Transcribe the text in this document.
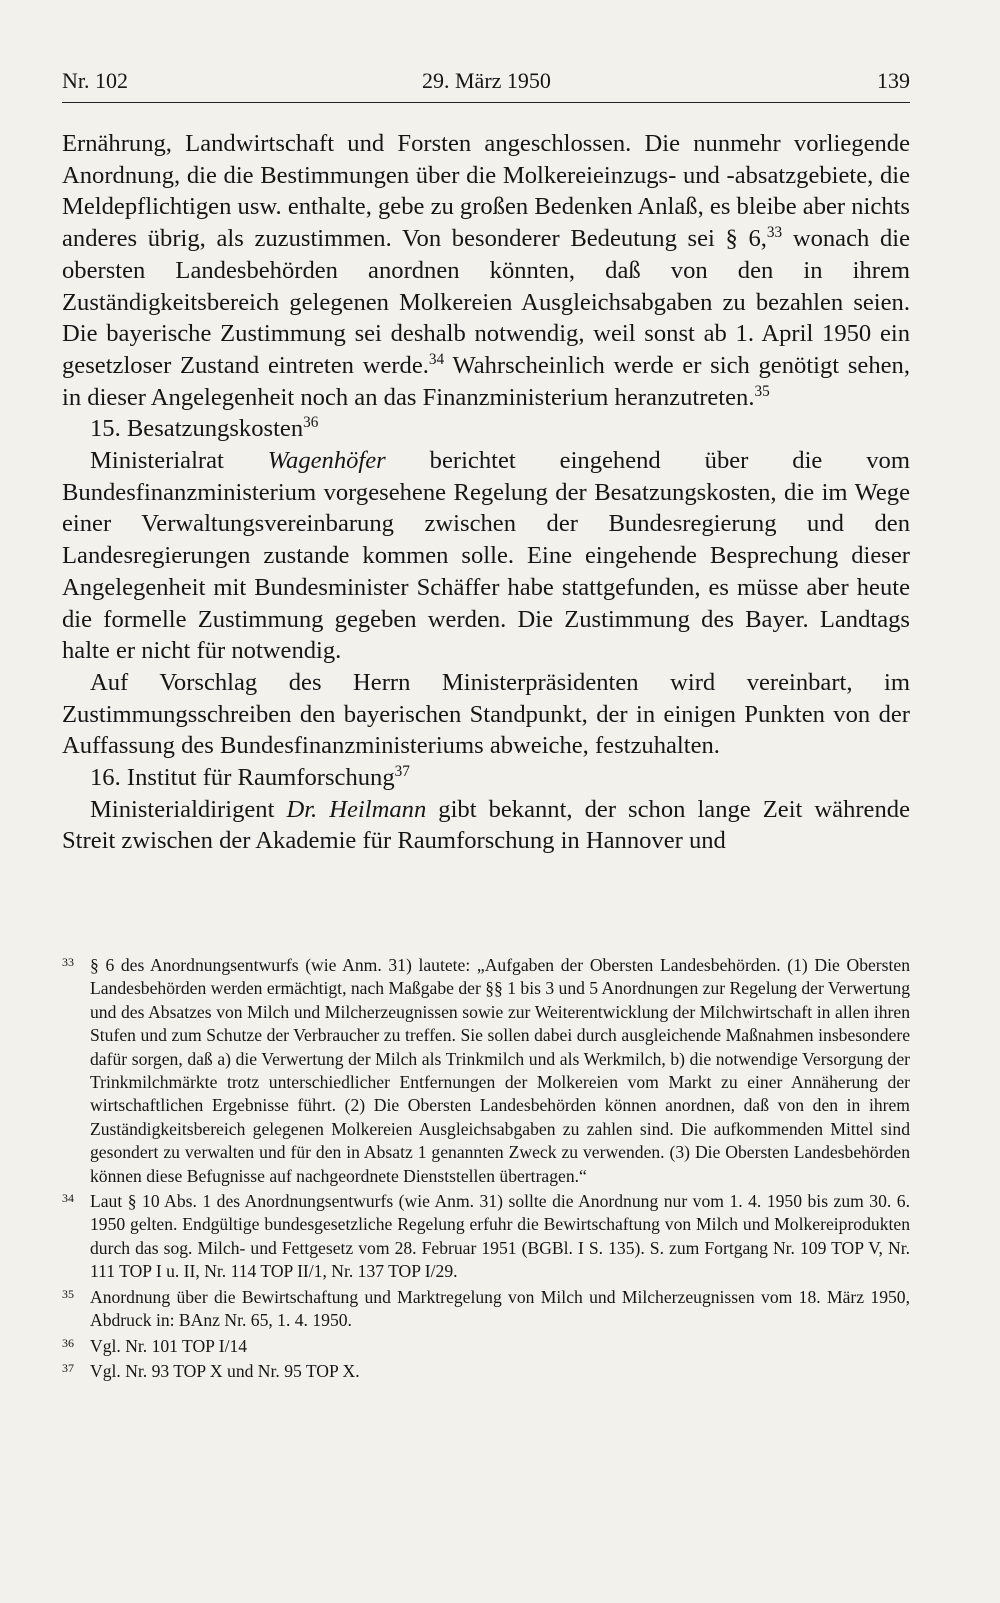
Nr. 102	29. März 1950	139

Ernährung, Landwirtschaft und Forsten angeschlossen. Die nunmehr vorliegende Anordnung, die die Bestimmungen über die Molkereieinzugs- und -absatzgebiete, die Meldepflichtigen usw. enthalte, gebe zu großen Bedenken Anlaß, es bleibe aber nichts anderes übrig, als zuzustimmen. Von besonderer Bedeutung sei § 6,33 wonach die obersten Landesbehörden anordnen könnten, daß von den in ihrem Zuständigkeitsbereich gelegenen Molkereien Ausgleichsabgaben zu bezahlen seien. Die bayerische Zustimmung sei deshalb notwendig, weil sonst ab 1. April 1950 ein gesetzloser Zustand eintreten werde.$^{34}$ Wahrscheinlich werde er sich genötigt sehen, in dieser Angelegenheit noch an das Finanzministerium heranzutreten.$^{35}$

15. Besatzungskosten$^{36}$

Ministerialrat Wagenhöfer berichtet eingehend über die vom Bundesfinanzministerium vorgesehene Regelung der Besatzungskosten, die im Wege einer Verwaltungsvereinbarung zwischen der Bundesregierung und den Landesregierungen zustande kommen solle. Eine eingehende Besprechung dieser Angelegenheit mit Bundesminister Schäffer habe stattgefunden, es müsse aber heute die formelle Zustimmung gegeben werden. Die Zustimmung des Bayer. Landtags halte er nicht für notwendig.

Auf Vorschlag des Herrn Ministerpräsidenten wird vereinbart, im Zustimmungsschreiben den bayerischen Standpunkt, der in einigen Punkten von der Auffassung des Bundesfinanzministeriums abweiche, festzuhalten.

16. Institut für Raumforschung$^{37}$

Ministerialdirigent Dr. Heilmann gibt bekannt, der schon lange Zeit währende Streit zwischen der Akademie für Raumforschung in Hannover und

33 § 6 des Anordnungsentwurfs (wie Anm. 31) lautete: „Aufgaben der Obersten Landesbehörden. (1) Die Obersten Landesbehörden werden ermächtigt, nach Maßgabe der §§ 1 bis 3 und 5 Anordnungen zur Regelung der Verwertung und des Absatzes von Milch und Milcherzeugnissen sowie zur Weiterentwicklung der Milchwirtschaft in allen ihren Stufen und zum Schutze der Verbraucher zu treffen. Sie sollen dabei durch ausgleichende Maßnahmen insbesondere dafür sorgen, daß a) die Verwertung der Milch als Trinkmilch und als Werkmilch, b) die notwendige Versorgung der Trinkmilchmärkte trotz unterschiedlicher Entfernungen der Molkereien vom Markt zu einer Annäherung der wirtschaftlichen Ergebnisse führt. (2) Die Obersten Landesbehörden können anordnen, daß von den in ihrem Zuständigkeitsbereich gelegenen Molkereien Ausgleichsabgaben zu zahlen sind. Die aufkommenden Mittel sind gesondert zu verwalten und für den in Absatz 1 genannten Zweck zu verwenden. (3) Die Obersten Landesbehörden können diese Befugnisse auf nachgeordnete Dienststellen übertragen.“
34 Laut § 10 Abs. 1 des Anordnungsentwurfs (wie Anm. 31) sollte die Anordnung nur vom 1. 4. 1950 bis zum 30. 6. 1950 gelten. Endgültige bundesgesetzliche Regelung erfuhr die Bewirtschaftung von Milch und Molkereiprodukten durch das sog. Milch- und Fettgesetz vom 28. Februar 1951 (BGBl. I S. 135). S. zum Fortgang Nr. 109 TOP V, Nr. 111 TOP I u. II, Nr. 114 TOP II/1, Nr. 137 TOP I/29.
35 Anordnung über die Bewirtschaftung und Marktregelung von Milch und Milcherzeugnissen vom 18. März 1950, Abdruck in: BAnz Nr. 65, 1. 4. 1950.
36 Vgl. Nr. 101 TOP I/14
37 Vgl. Nr. 93 TOP X und Nr. 95 TOP X.
